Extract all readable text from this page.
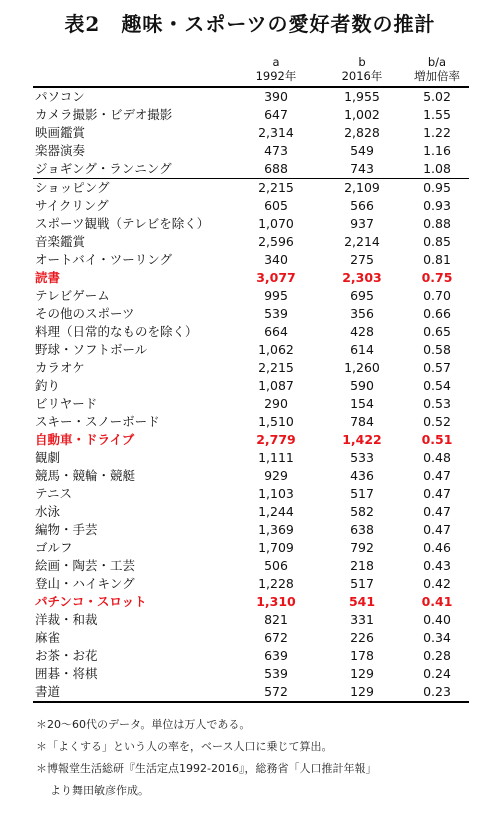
表2　趣味・スポーツの愛好者数の推計
	a	b	b/a
	1992年	2016年	増加倍率
パソコン	390	1,955	5.02
カメラ撮影・ビデオ撮影	647	1,002	1.55
映画鑑賞	2,314	2,828	1.22
楽器演奏	473	549	1.16
ジョギング・ランニング	688	743	1.08
ショッピング	2,215	2,109	0.95
サイクリング	605	566	0.93
スポーツ観戦（テレビを除く）	1,070	937	0.88
音楽鑑賞	2,596	2,214	0.85
オートバイ・ツーリング	340	275	0.81
読書	3,077	2,303	0.75
テレビゲーム	995	695	0.70
その他のスポーツ	539	356	0.66
料理（日常的なものを除く）	664	428	0.65
野球・ソフトボール	1,062	614	0.58
カラオケ	2,215	1,260	0.57
釣り	1,087	590	0.54
ビリヤード	290	154	0.53
スキー・スノーボード	1,510	784	0.52
自動車・ドライブ	2,779	1,422	0.51
観劇	1,111	533	0.48
競馬・競輪・競艇	929	436	0.47
テニス	1,103	517	0.47
水泳	1,244	582	0.47
編物・手芸	1,369	638	0.47
ゴルフ	1,709	792	0.46
絵画・陶芸・工芸	506	218	0.43
登山・ハイキング	1,228	517	0.42
パチンコ・スロット	1,310	541	0.41
洋裁・和裁	821	331	0.40
麻雀	672	226	0.34
お茶・お花	639	178	0.28
囲碁・将棋	539	129	0.24
書道	572	129	0.23
＊20～60代のデータ。単位は万人である。
＊「よくする」という人の率を，ベース人口に乗じて算出。
＊博報堂生活総研『生活定点1992-2016』，総務省「人口推計年報」
より舞田敏彦作成。
